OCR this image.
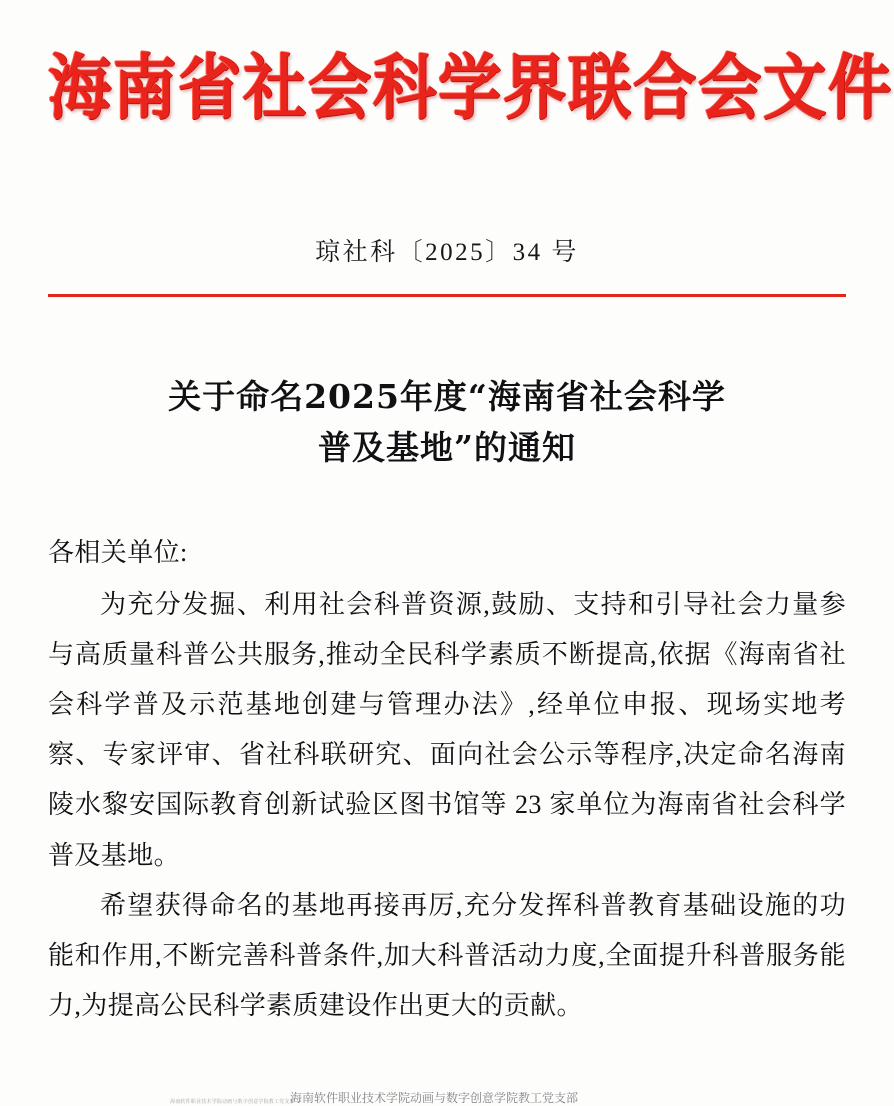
海南省社会科学界联合会文件
琼社科〔2025〕34 号
关于命名2025年度“海南省社会科学
普及基地”的通知

各相关单位:

为充分发掘、利用社会科普资源,鼓励、支持和引导社会力量参与高质量科普公共服务,推动全民科学素质不断提高,依据《海南省社会科学普及示范基地创建与管理办法》,经单位申报、现场实地考察、专家评审、省社科联研究、面向社会公示等程序,决定命名海南陵水黎安国际教育创新试验区图书馆等 23 家单位为海南省社会科学普及基地。

希望获得命名的基地再接再厉,充分发挥科普教育基础设施的功能和作用,不断完善科普条件,加大科普活动力度,全面提升科普服务能力,为提高公民科学素质建设作出更大的贡献。

海南软件职业技术学院动画与数字创意学院教工党支部
海南软件职业技术学院动画与数字创意学院教工党支部
